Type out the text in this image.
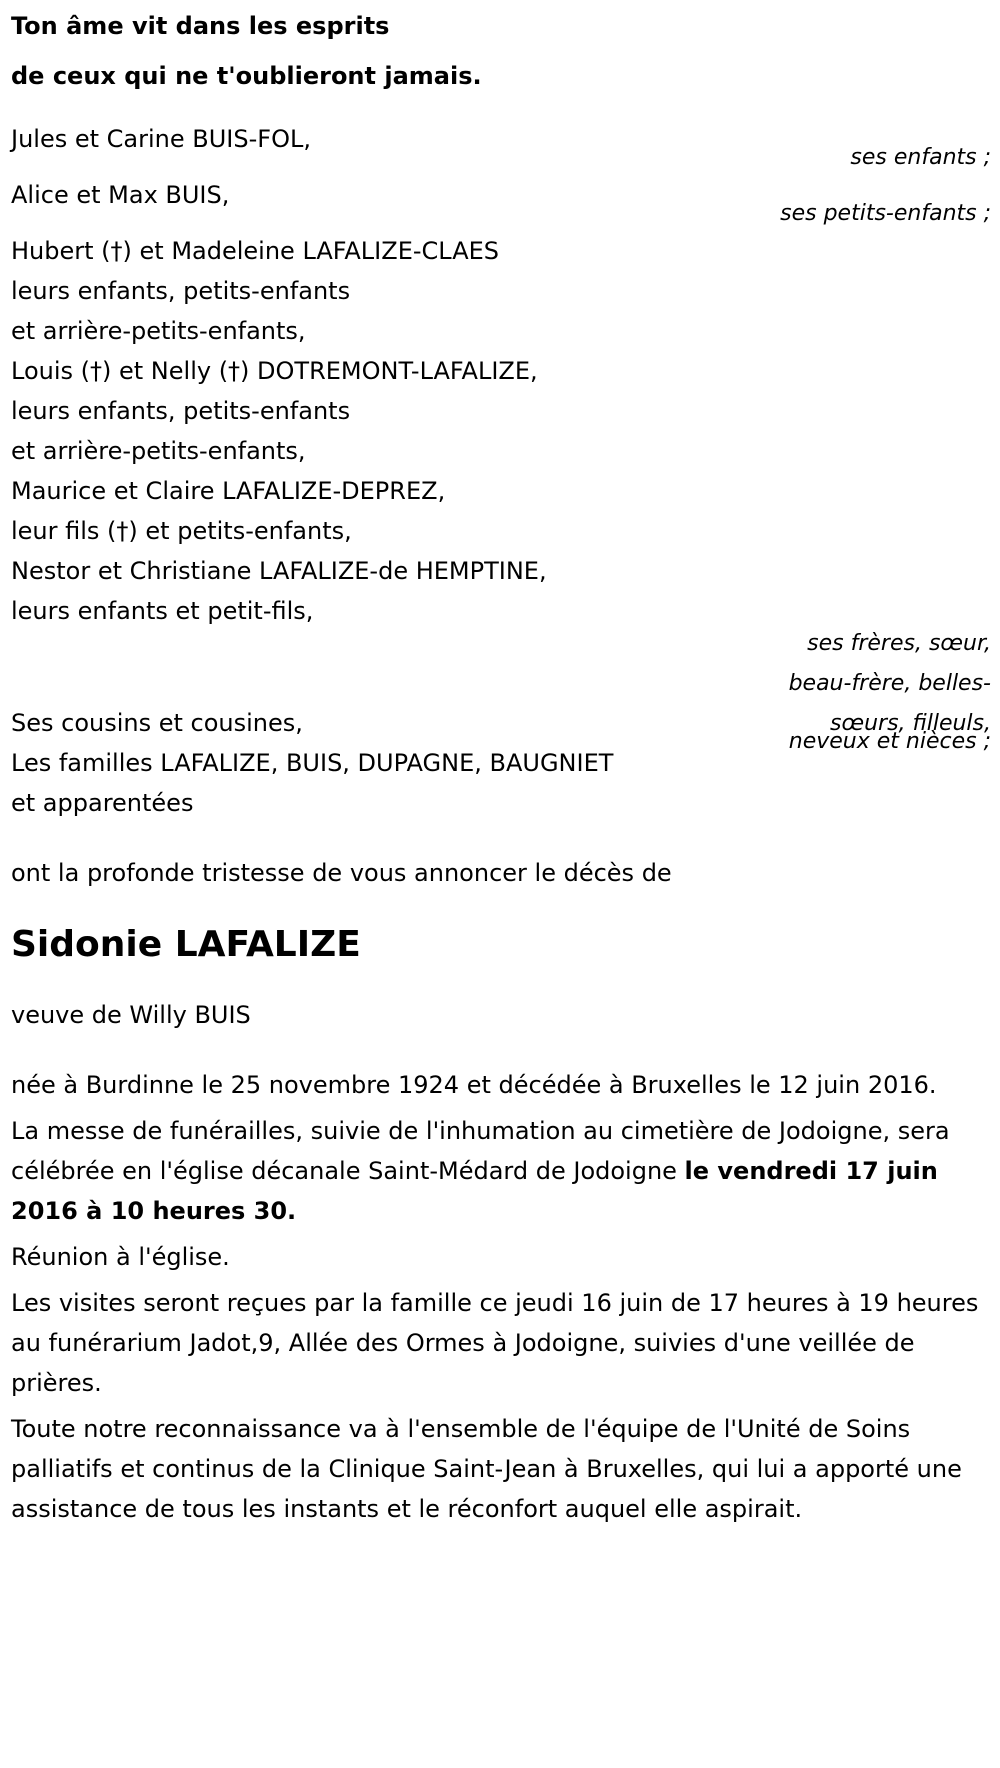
Ton âme vit dans les esprits
de ceux qui ne t'oublieront jamais.
Jules et Carine BUIS-FOL,
ses enfants ;
Alice et Max BUIS,
ses petits-enfants ;
Hubert (†) et Madeleine LAFALIZE-CLAES
leurs enfants, petits-enfants
et arrière-petits-enfants,
Louis (†) et Nelly (†) DOTREMONT-LAFALIZE,
leurs enfants, petits-enfants
et arrière-petits-enfants,
Maurice et Claire LAFALIZE-DEPREZ,
leur fils (†) et petits-enfants,
Nestor et Christiane LAFALIZE-de HEMPTINE,
leurs enfants et petit-fils,
ses frères, sœur,
beau-frère, belles-
sœurs, filleuls,
neveux et nièces ;
Ses cousins et cousines,
Les familles LAFALIZE, BUIS, DUPAGNE, BAUGNIET
et apparentées
ont la profonde tristesse de vous annoncer le décès de
Sidonie LAFALIZE
veuve de Willy BUIS
née à Burdinne le 25 novembre 1924 et décédée à Bruxelles le 12 juin 2016.
La messe de funérailles, suivie de l'inhumation au cimetière de Jodoigne, sera célébrée en l'église décanale Saint-Médard de Jodoigne le vendredi 17 juin 2016 à 10 heures 30.
Réunion à l'église.
Les visites seront reçues par la famille ce jeudi 16 juin de 17 heures à 19 heures au funérarium Jadot,9, Allée des Ormes à Jodoigne, suivies d'une veillée de prières.
Toute notre reconnaissance va à l'ensemble de l'équipe de l'Unité de Soins palliatifs et continus de la Clinique Saint-Jean à Bruxelles, qui lui a apporté une assistance de tous les instants et le réconfort auquel elle aspirait.
